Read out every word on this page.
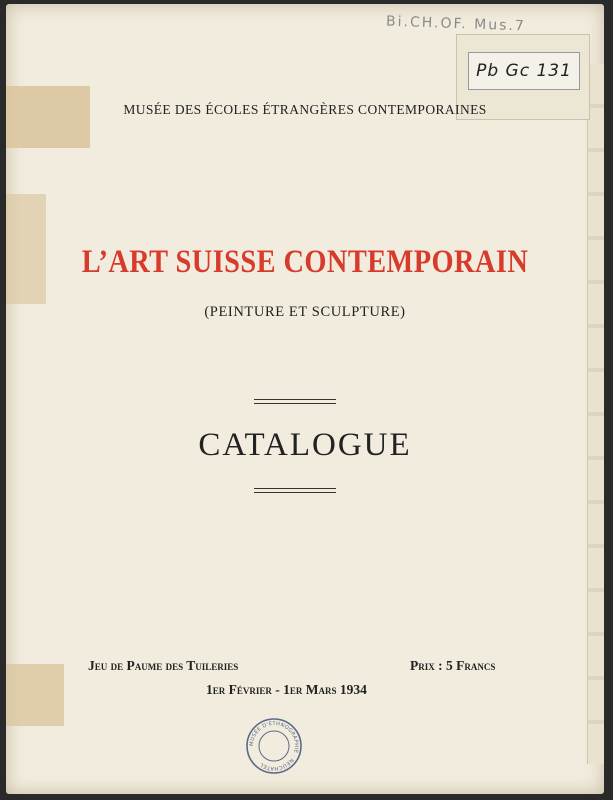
Bi.CH.OF. Mus.7
Pb Gc 131
MUSÉE DES ÉCOLES ÉTRANGÈRES CONTEMPORAINES
L’ART SUISSE CONTEMPORAIN
(PEINTURE ET SCULPTURE)
CATALOGUE
Jeu de Paume des Tuileries	Prix : 5 Francs
1er Février - 1er Mars 1934
MUSÉE D'ETHNOGRAPHIE · NEUCHATEL
